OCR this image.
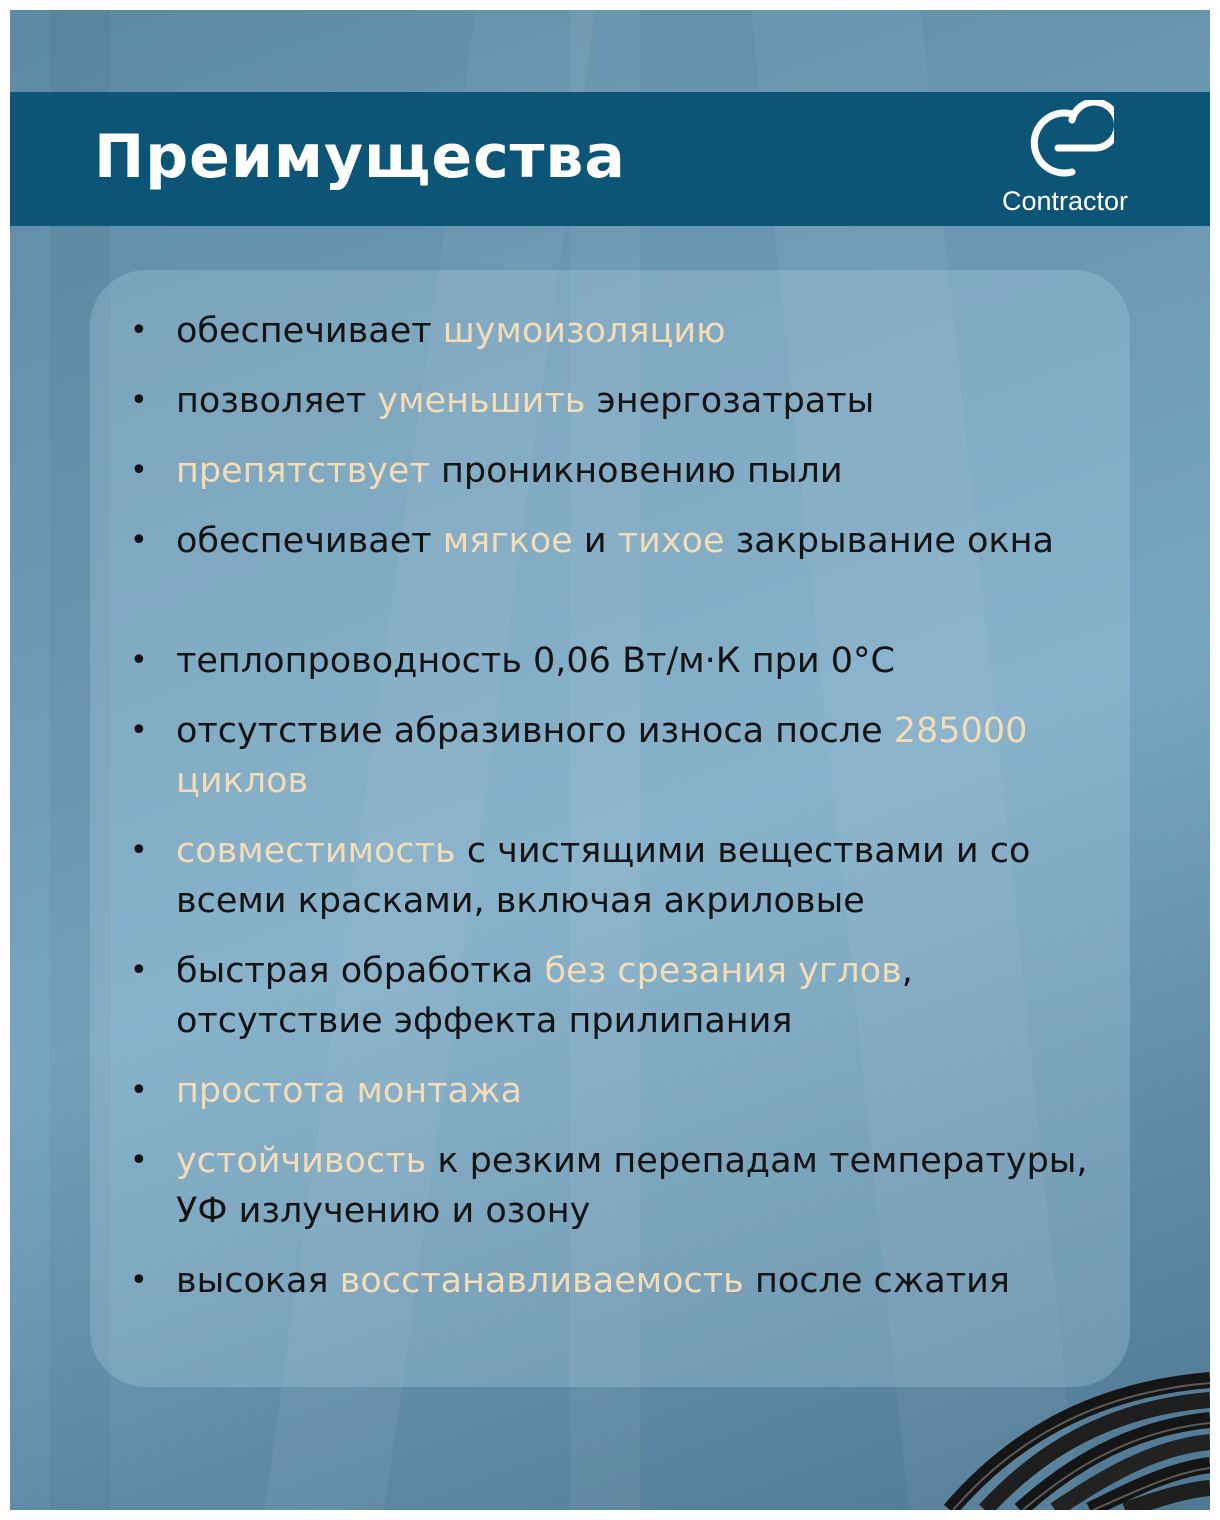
Преимущества
Contractor
• обеспечивает шумоизоляцию
• позволяет уменьшить энергозатраты
• препятствует проникновению пыли
• обеспечивает мягкое и тихое закрывание окна
• теплопроводность 0,06 Вт/м·К при 0°С
• отсутствие абразивного износа после 285000 циклов
• совместимость с чистящими веществами и со всеми красками, включая акриловые
• быстрая обработка без срезания углов, отсутствие эффекта прилипания
• простота монтажа
• устойчивость к резким перепадам температуры, УФ излучению и озону
• высокая восстанавливаемость после сжатия
